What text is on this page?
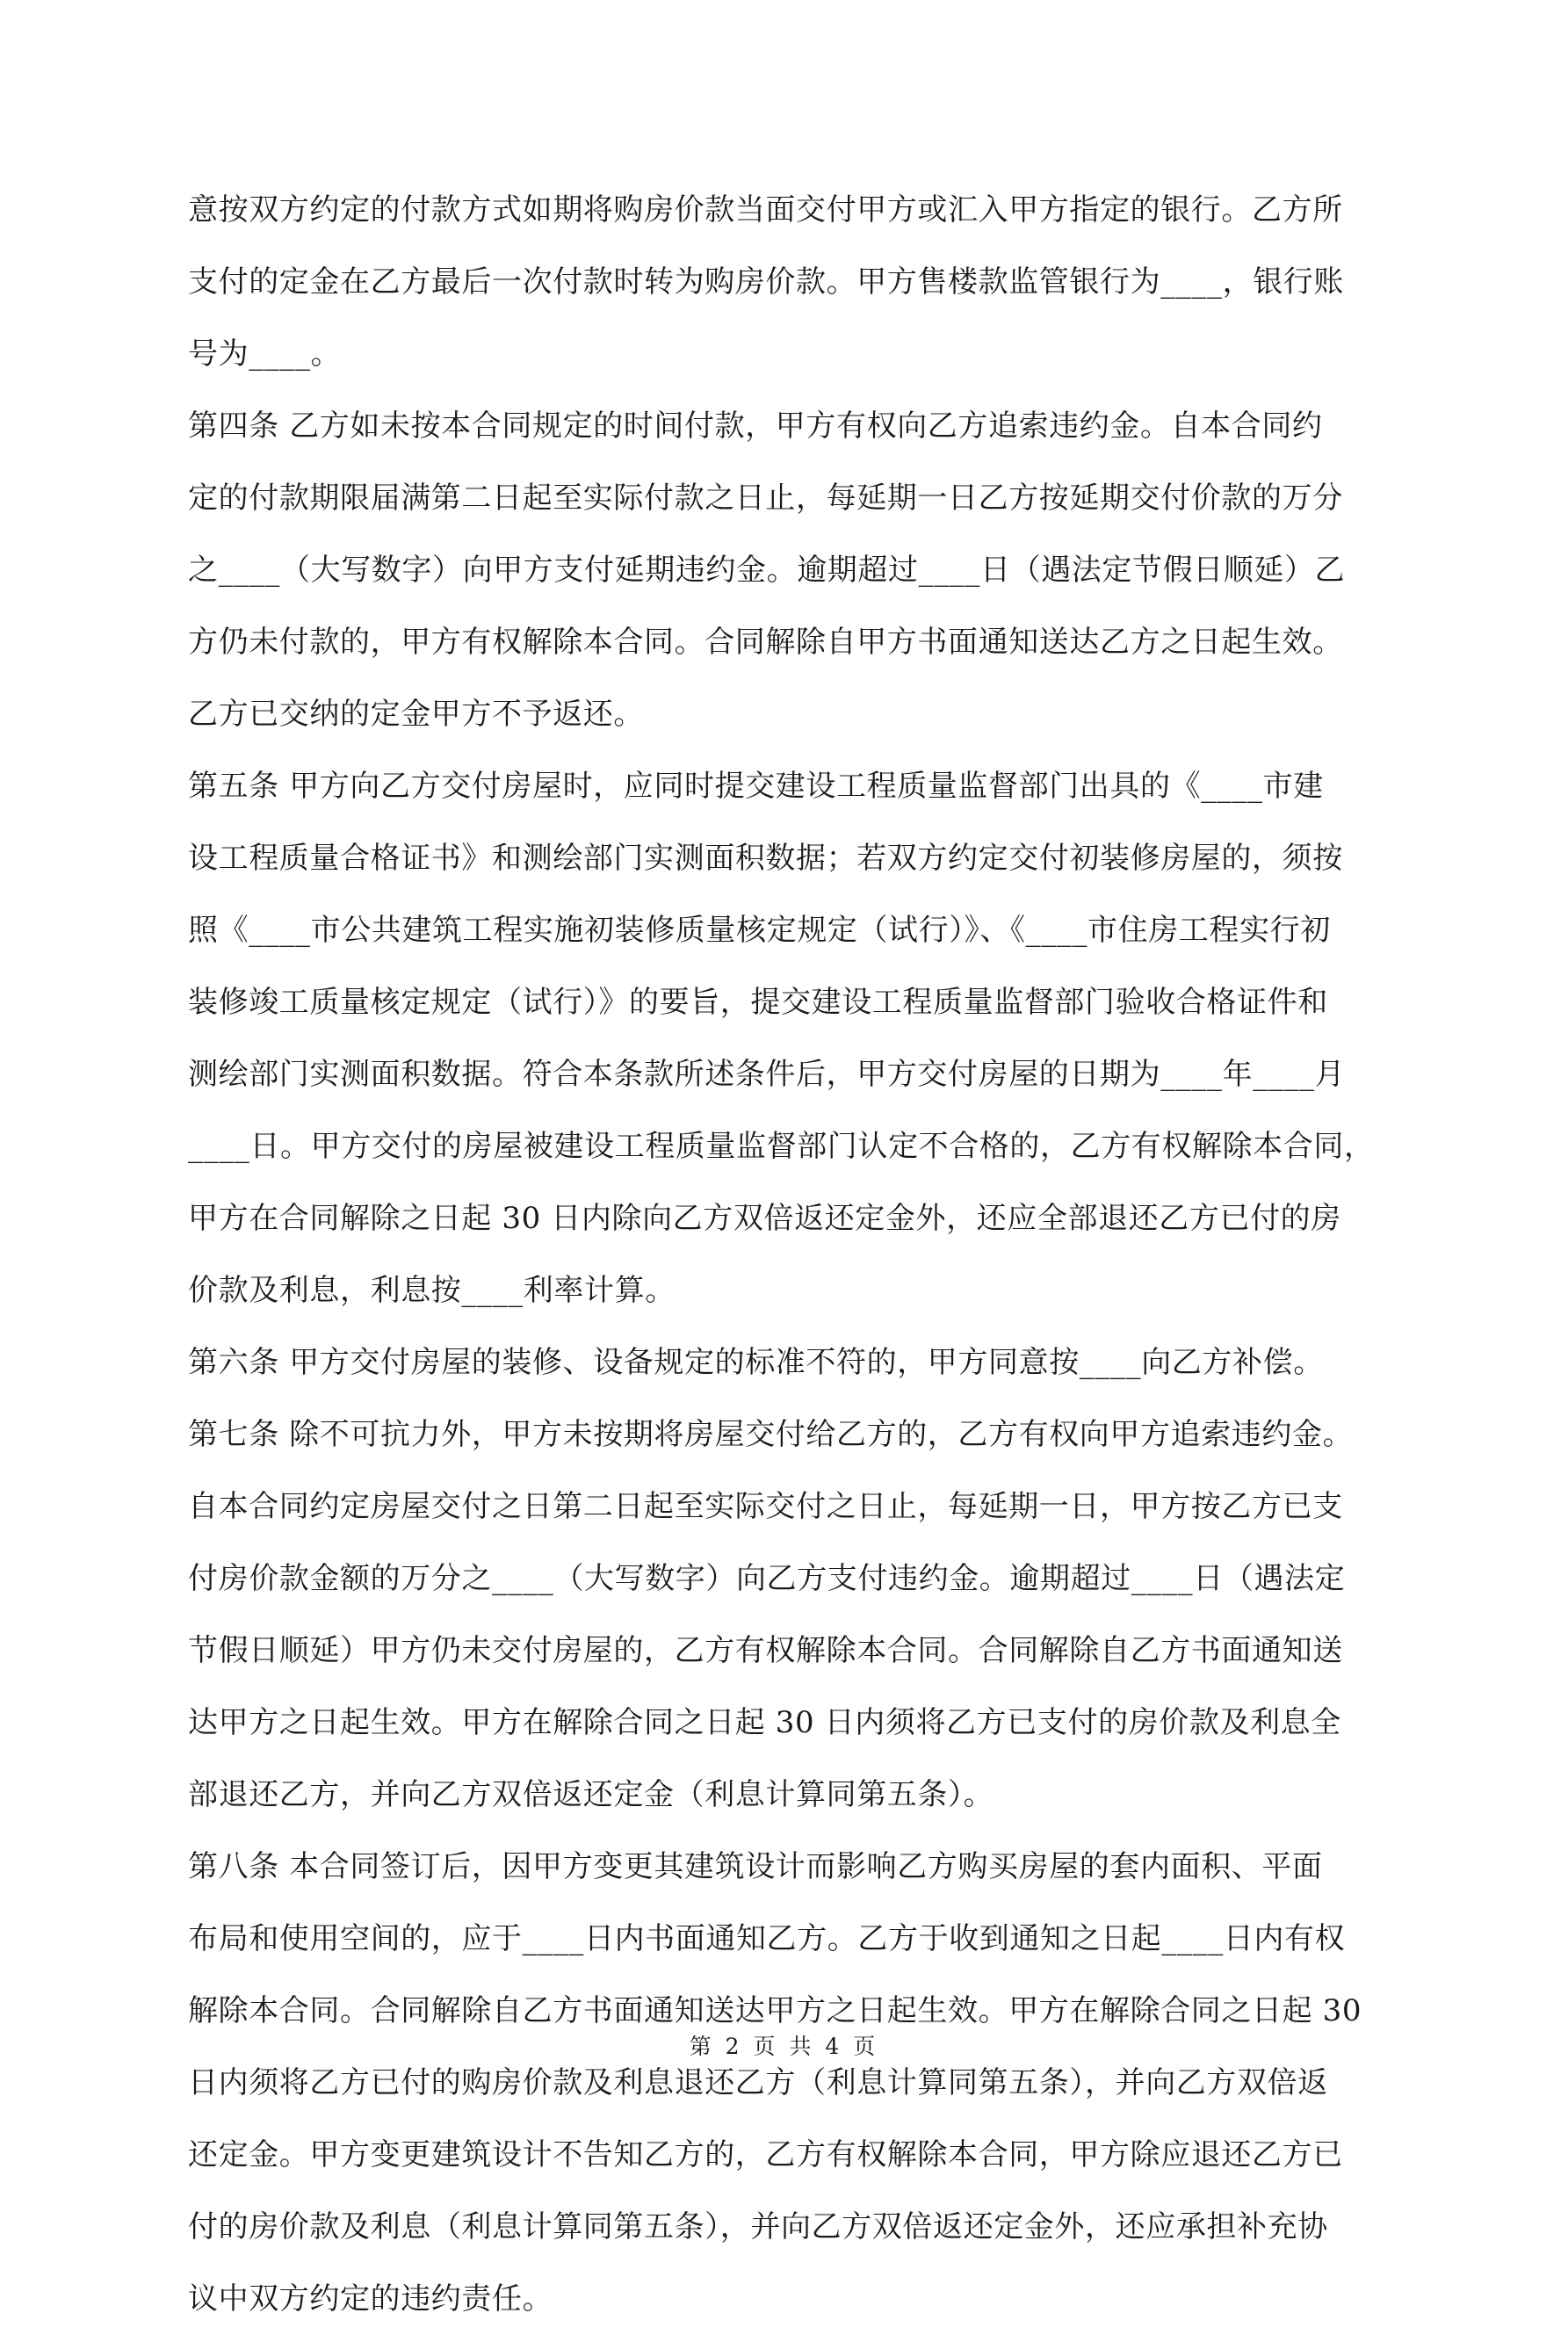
意按双方约定的付款方式如期将购房价款当面交付甲方或汇入甲方指定的银行。乙方所
支付的定金在乙方最后一次付款时转为购房价款。甲方售楼款监管银行为____，银行账
号为____。
第四条 乙方如未按本合同规定的时间付款，甲方有权向乙方追索违约金。自本合同约
定的付款期限届满第二日起至实际付款之日止，每延期一日乙方按延期交付价款的万分
之____（大写数字）向甲方支付延期违约金。逾期超过____日（遇法定节假日顺延）乙
方仍未付款的，甲方有权解除本合同。合同解除自甲方书面通知送达乙方之日起生效。
乙方已交纳的定金甲方不予返还。
第五条 甲方向乙方交付房屋时，应同时提交建设工程质量监督部门出具的《____市建
设工程质量合格证书》和测绘部门实测面积数据；若双方约定交付初装修房屋的，须按
照《____市公共建筑工程实施初装修质量核定规定（试行）》、《____市住房工程实行初
装修竣工质量核定规定（试行）》的要旨，提交建设工程质量监督部门验收合格证件和
测绘部门实测面积数据。符合本条款所述条件后，甲方交付房屋的日期为____年____月
____日。甲方交付的房屋被建设工程质量监督部门认定不合格的，乙方有权解除本合同，
甲方在合同解除之日起 30 日内除向乙方双倍返还定金外，还应全部退还乙方已付的房
价款及利息，利息按____利率计算。
第六条 甲方交付房屋的装修、设备规定的标准不符的，甲方同意按____向乙方补偿。
第七条 除不可抗力外，甲方未按期将房屋交付给乙方的，乙方有权向甲方追索违约金。
自本合同约定房屋交付之日第二日起至实际交付之日止，每延期一日，甲方按乙方已支
付房价款金额的万分之____（大写数字）向乙方支付违约金。逾期超过____日（遇法定
节假日顺延）甲方仍未交付房屋的，乙方有权解除本合同。合同解除自乙方书面通知送
达甲方之日起生效。甲方在解除合同之日起 30 日内须将乙方已支付的房价款及利息全
部退还乙方，并向乙方双倍返还定金（利息计算同第五条）。
第八条 本合同签订后，因甲方变更其建筑设计而影响乙方购买房屋的套内面积、平面
布局和使用空间的，应于____日内书面通知乙方。乙方于收到通知之日起____日内有权
解除本合同。合同解除自乙方书面通知送达甲方之日起生效。甲方在解除合同之日起 30
日内须将乙方已付的购房价款及利息退还乙方（利息计算同第五条），并向乙方双倍返
还定金。甲方变更建筑设计不告知乙方的，乙方有权解除本合同，甲方除应退还乙方已
付的房价款及利息（利息计算同第五条），并向乙方双倍返还定金外，还应承担补充协
议中双方约定的违约责任。
第 2 页 共 4 页
